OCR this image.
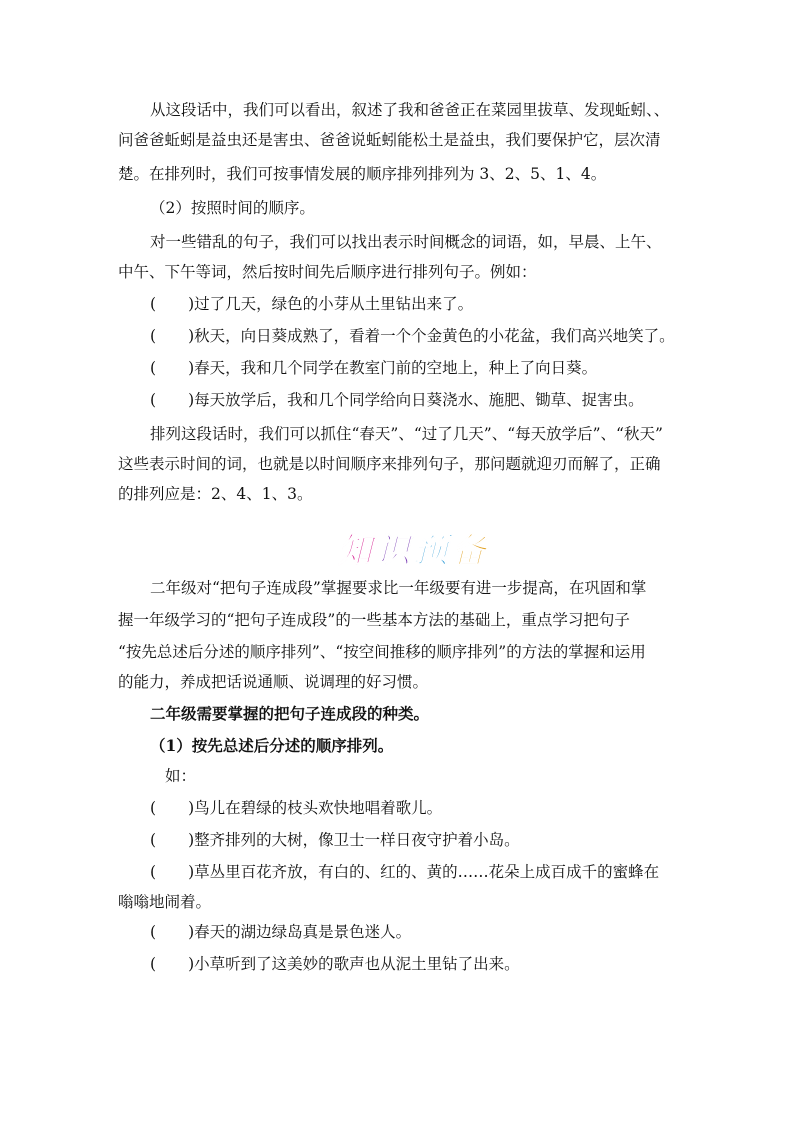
从这段话中，我们可以看出，叙述了我和爸爸正在菜园里拔草、发现蚯蚓、、
问爸爸蚯蚓是益虫还是害虫、爸爸说蚯蚓能松土是益虫，我们要保护它，层次清
楚。在排列时，我们可按事情发展的顺序排列排列为 3、2、5、1、4。
（2）按照时间的顺序。
对一些错乱的句子，我们可以找出表示时间概念的词语，如，早晨、上午、
中午、下午等词，然后按时间先后顺序进行排列句子。例如：
( )过了几天，绿色的小芽从土里钻出来了。
( )秋天，向日葵成熟了，看着一个个金黄色的小花盆，我们高兴地笑了。
( )春天，我和几个同学在教室门前的空地上，种上了向日葵。
( )每天放学后，我和几个同学给向日葵浇水、施肥、锄草、捉害虫。
排列这段话时，我们可以抓住“春天”、“过了几天”、“每天放学后”、“秋天”
这些表示时间的词，也就是以时间顺序来排列句子，那问题就迎刃而解了，正确
的排列应是：2、4、1、3。
知 识 预 备
二年级对“把句子连成段”掌握要求比一年级要有进一步提高，在巩固和掌
握一年级学习的“把句子连成段”的一些基本方法的基础上，重点学习把句子
“按先总述后分述的顺序排列”、“按空间推移的顺序排列”的方法的掌握和运用
的能力，养成把话说通顺、说调理的好习惯。
二年级需要掌握的把句子连成段的种类。
（1）按先总述后分述的顺序排列。
如：
( )鸟儿在碧绿的枝头欢快地唱着歌儿。
( )整齐排列的大树，像卫士一样日夜守护着小岛。
( )草丛里百花齐放，有白的、红的、黄的……花朵上成百成千的蜜蜂在
嗡嗡地闹着。
( )春天的湖边绿岛真是景色迷人。
( )小草听到了这美妙的歌声也从泥土里钻了出来。
